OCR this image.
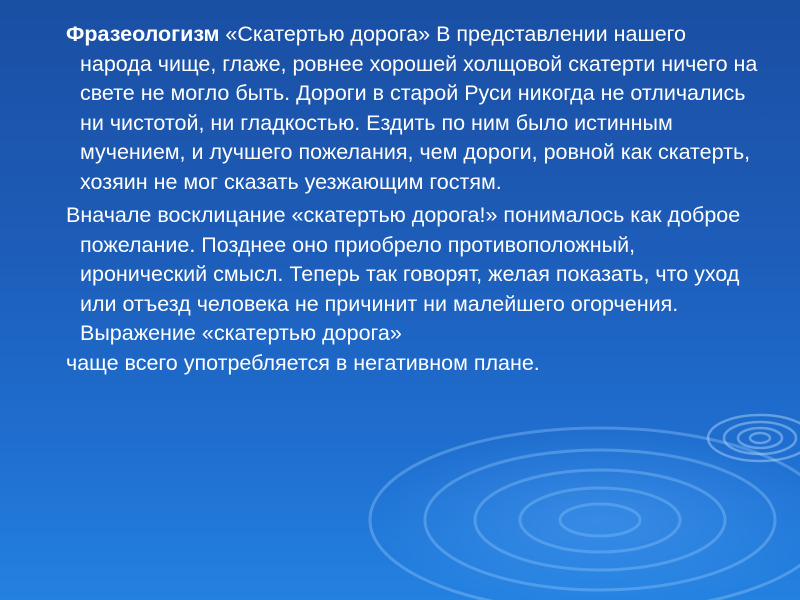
Фразеологизм «Скатертью дорога» В представлении нашего народа чище, глаже, ровнее хорошей холщовой скатерти ничего на свете не могло быть. Дороги в старой Руси никогда не отличались ни чистотой, ни гладкостью. Ездить по ним было истинным мучением, и лучшего пожелания, чем дороги, ровной как скатерть, хозяин не мог сказать уезжающим гостям.

Вначале восклицание «скатертью дорога!» понималось как доброе пожелание. Позднее оно приобрело противоположный, иронический смысл. Теперь так говорят, желая показать, что уход или отъезд человека не причинит ни малейшего огорчения. Выражение «скатертью дорога»

чаще всего употребляется в негативном плане.
